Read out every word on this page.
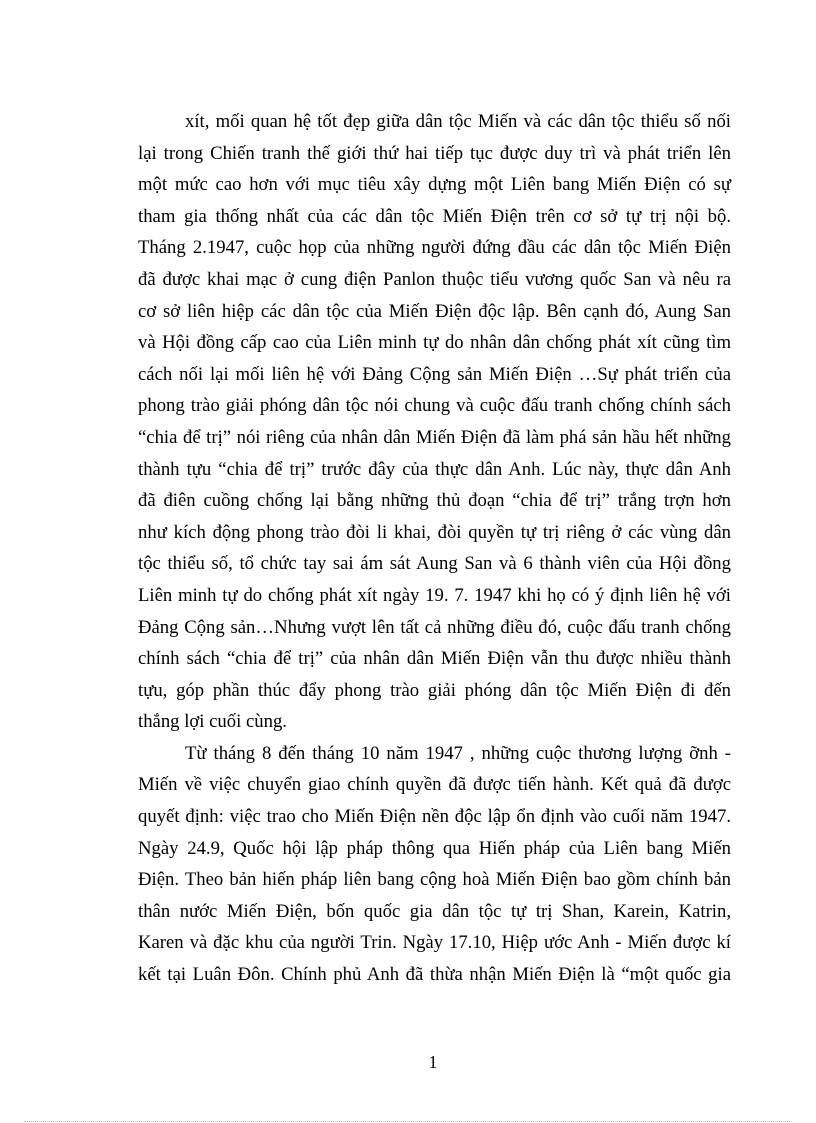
xít, mối quan hệ tốt đẹp giữa dân tộc Miến và các dân tộc thiểu số nối

lại trong Chiến tranh thế giới thứ hai tiếp tục được duy trì và phát triển lên

một mức cao hơn với mục tiêu xây dựng một Liên bang Miến Điện có sự

tham gia thống nhất của các dân tộc Miến Điện trên cơ sở tự trị nội bộ.

Tháng 2.1947, cuộc họp của những người đứng đầu các dân tộc Miến Điện

đã được khai mạc ở cung điện Panlon thuộc tiểu vương quốc San và nêu ra

cơ sở liên hiệp các dân tộc của Miến Điện độc lập. Bên cạnh đó, Aung San

và Hội đồng cấp cao của Liên minh tự do nhân dân chống phát xít cũng tìm

cách nối lại mối liên hệ với Đảng Cộng sản Miến Điện …Sự phát triển của

phong trào giải phóng dân tộc nói chung và cuộc đấu tranh chống chính sách

“chia để trị” nói riêng của nhân dân Miến Điện đã làm phá sản hầu hết những

thành tựu “chia để trị” trước đây của thực dân Anh. Lúc này, thực dân Anh

đã điên cuồng chống lại bằng những thủ đoạn “chia để trị” trắng trợn hơn

như kích động phong trào đòi li khai, đòi quyền tự trị riêng ở các vùng dân

tộc thiểu số, tổ chức tay sai ám sát Aung San và 6 thành viên của Hội đồng

Liên minh tự do chống phát xít ngày 19. 7. 1947 khi họ có ý định liên hệ với

Đảng Cộng sản…Nhưng vượt lên tất cả những điều đó, cuộc đấu tranh chống

chính sách “chia để trị” của nhân dân Miến Điện vẫn thu được nhiều thành

tựu, góp phần thúc đẩy phong trào giải phóng dân tộc Miến Điện đi đến

thắng lợi cuối cùng.

Từ tháng 8 đến tháng 10 năm 1947 , những cuộc thương lượng ỡnh -

Miến về việc chuyển giao chính quyền đã được tiến hành. Kết quả đã được

quyết định: việc trao cho Miến Điện nền độc lập ổn định vào cuối năm 1947.

Ngày 24.9, Quốc hội lập pháp thông qua Hiến pháp của Liên bang Miến

Điện. Theo bản hiến pháp liên bang cộng hoà Miến Điện bao gồm chính bản

thân nước Miến Điện, bốn quốc gia dân tộc tự trị Shan, Karein, Katrin,

Karen và đặc khu của người Trin. Ngày 17.10, Hiệp ước Anh - Miến được kí

kết tại Luân Đôn. Chính phủ Anh đã thừa nhận Miến Điện là “một quốc gia

1
